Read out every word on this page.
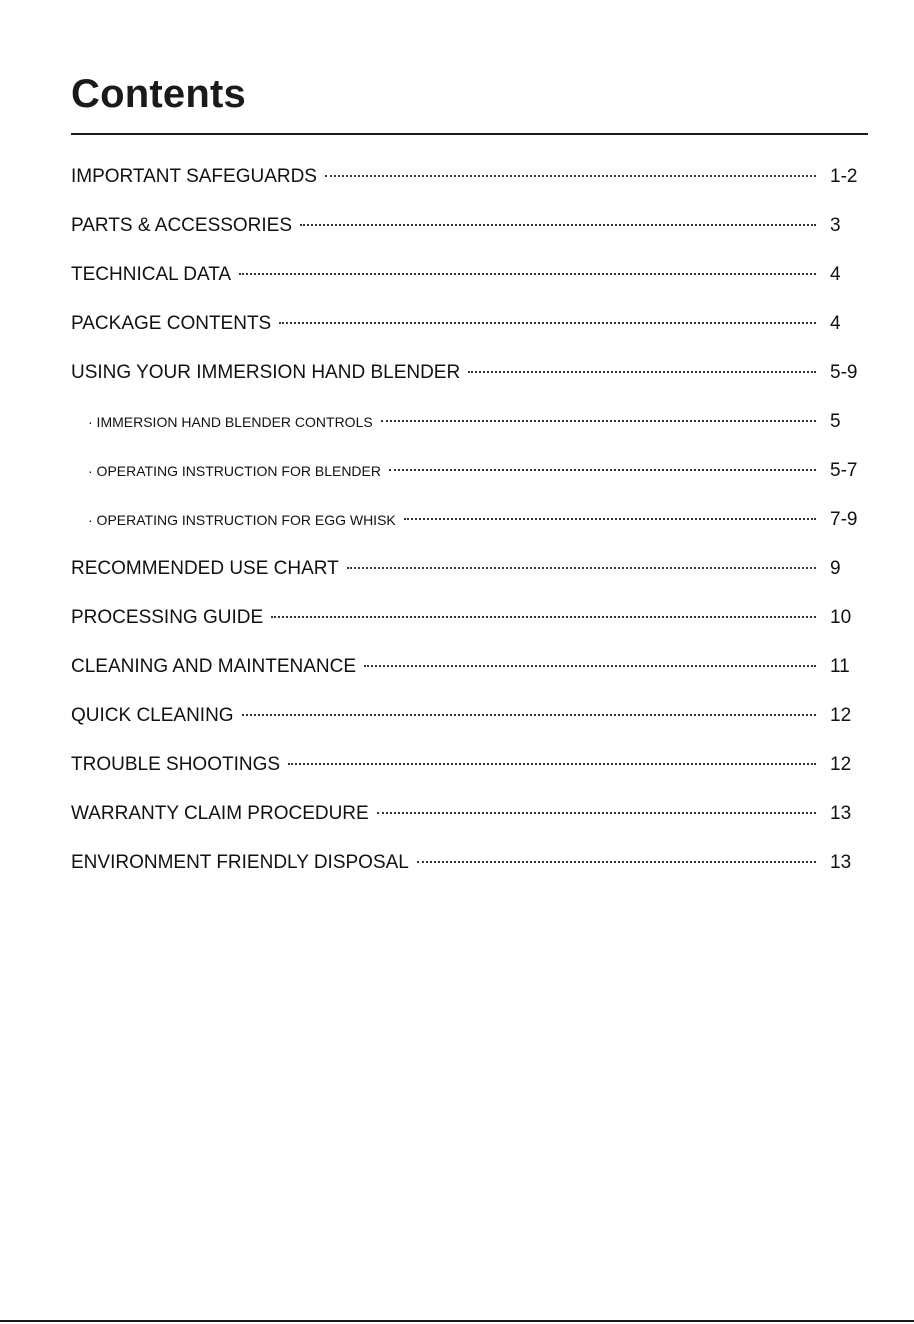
Contents
IMPORTANT SAFEGUARDS	1-2
PARTS & ACCESSORIES	3
TECHNICAL DATA	4
PACKAGE CONTENTS	4
USING YOUR IMMERSION HAND BLENDER	5-9
· IMMERSION HAND BLENDER CONTROLS	5
· OPERATING INSTRUCTION FOR BLENDER	5-7
· OPERATING INSTRUCTION FOR EGG WHISK	7-9
RECOMMENDED USE CHART	9
PROCESSING GUIDE	10
CLEANING AND MAINTENANCE	11
QUICK CLEANING	12
TROUBLE SHOOTINGS	12
WARRANTY CLAIM PROCEDURE	13
ENVIRONMENT FRIENDLY DISPOSAL	13
